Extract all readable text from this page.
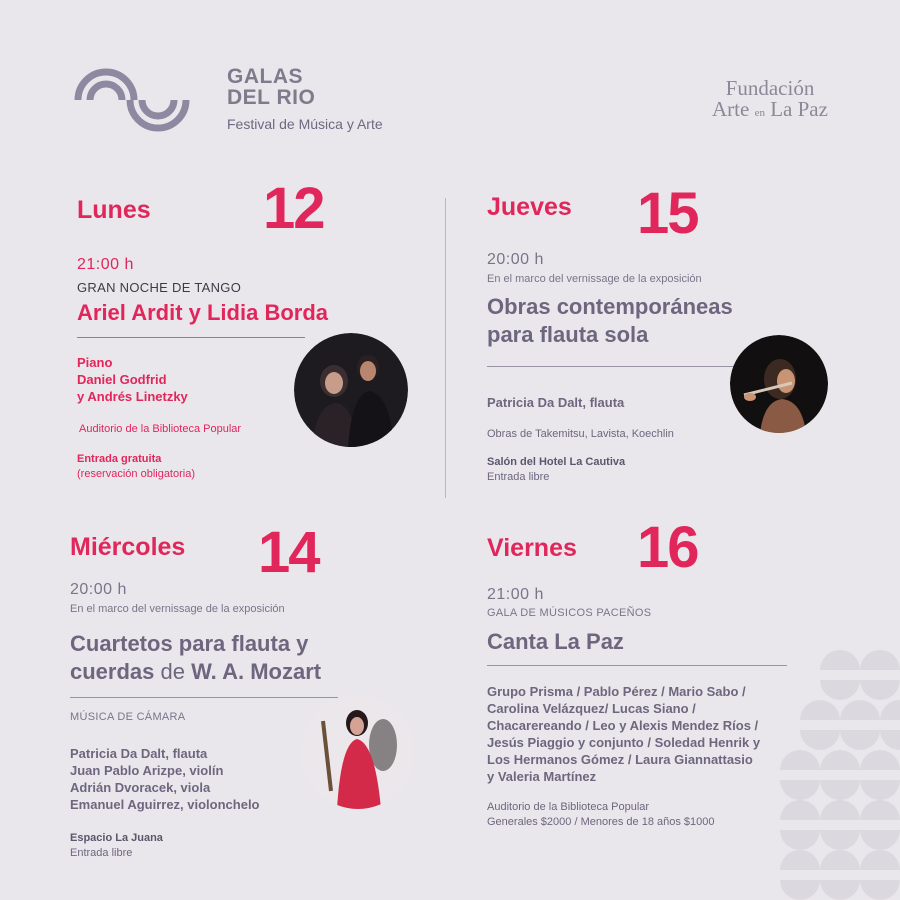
GALAS
DEL RIO
Festival de Música y Arte
Fundación
Arte en La Paz
Lunes 12
21:00 h
GRAN NOCHE DE TANGO
Ariel Ardit y Lidia Borda
Piano
Daniel Godfrid
y Andrés Linetzky
Auditorio de la Biblioteca Popular
Entrada gratuita
(reservación obligatoria)
Jueves 15
20:00 h
En el marco del vernissage de la exposición
Obras contemporáneas
para flauta sola
Patricia Da Dalt, flauta
Obras de Takemitsu, Lavista, Koechlin
Salón del Hotel La Cautiva
Entrada libre
Miércoles 14
20:00 h
En el marco del vernissage de la exposición
Cuartetos para flauta y
cuerdas de W. A. Mozart
MÚSICA DE CÁMARA
Patricia Da Dalt, flauta
Juan Pablo Arizpe, violín
Adrián Dvoracek, viola
Emanuel Aguirrez, violonchelo
Espacio La Juana
Entrada libre
Viernes 16
21:00 h
GALA DE MÚSICOS PACEÑOS
Canta La Paz
Grupo Prisma / Pablo Pérez / Mario Sabo /
Carolina Velázquez/ Lucas Siano /
Chacarereando / Leo y Alexis Mendez Ríos /
Jesús Piaggio y conjunto / Soledad Henrik y
Los Hermanos Gómez / Laura Giannattasio
y Valeria Martínez
Auditorio de la Biblioteca Popular
Generales $2000 / Menores de 18 años $1000
